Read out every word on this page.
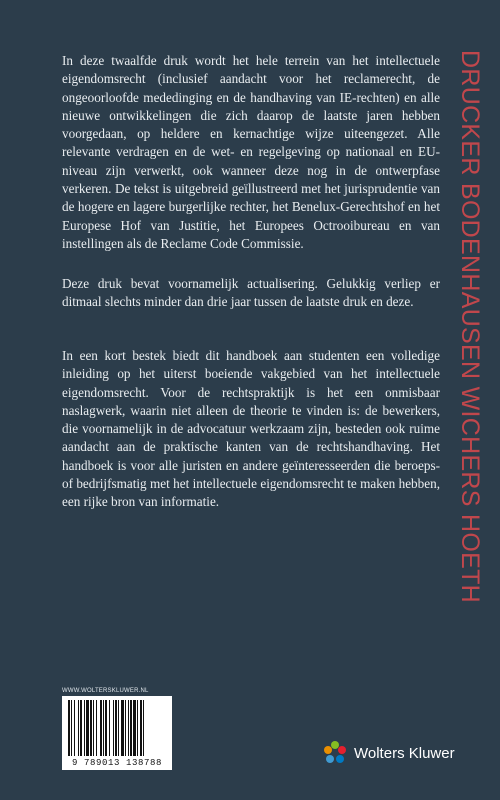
In deze twaalfde druk wordt het hele terrein van het intellectuele eigendomsrecht (inclusief aandacht voor het reclamerecht, de ongeoorloofde mededinging en de handhaving van IE-rechten) en alle nieuwe ontwikkelingen die zich daarop de laatste jaren hebben voorgedaan, op heldere en kernachtige wijze uiteengezet. Alle relevante verdragen en de wet- en regelgeving op nationaal en EU-niveau zijn verwerkt, ook wanneer deze nog in de ontwerpfase verkeren. De tekst is uitgebreid geïllustreerd met het jurisprudentie van de hogere en lagere burgerlijke rechter, het Benelux-Gerechtshof en het Europese Hof van Justitie, het Europees Octrooibureau en van instellingen als de Reclame Code Commissie.

Deze druk bevat voornamelijk actualisering. Gelukkig verliep er ditmaal slechts minder dan drie jaar tussen de laatste druk en deze.

In een kort bestek biedt dit handboek aan studenten een volledige inleiding op het uiterst boeiende vakgebied van het intellectuele eigendomsrecht. Voor de rechtspraktijk is het een onmisbaar naslagwerk, waarin niet alleen de theorie te vinden is: de bewerkers, die voornamelijk in de advocatuur werkzaam zijn, besteden ook ruime aandacht aan de praktische kanten van de rechtshandhaving. Het handboek is voor alle juristen en andere geïnteresseerden die beroeps- of bedrijfsmatig met het intellectuele eigendomsrecht te maken hebben, een rijke bron van informatie.	DRUCKER BODENHAUSEN WICHERS HOETH
WWW.WOLTERSKLUWER.NL
9 789013 138788
Wolters Kluwer
